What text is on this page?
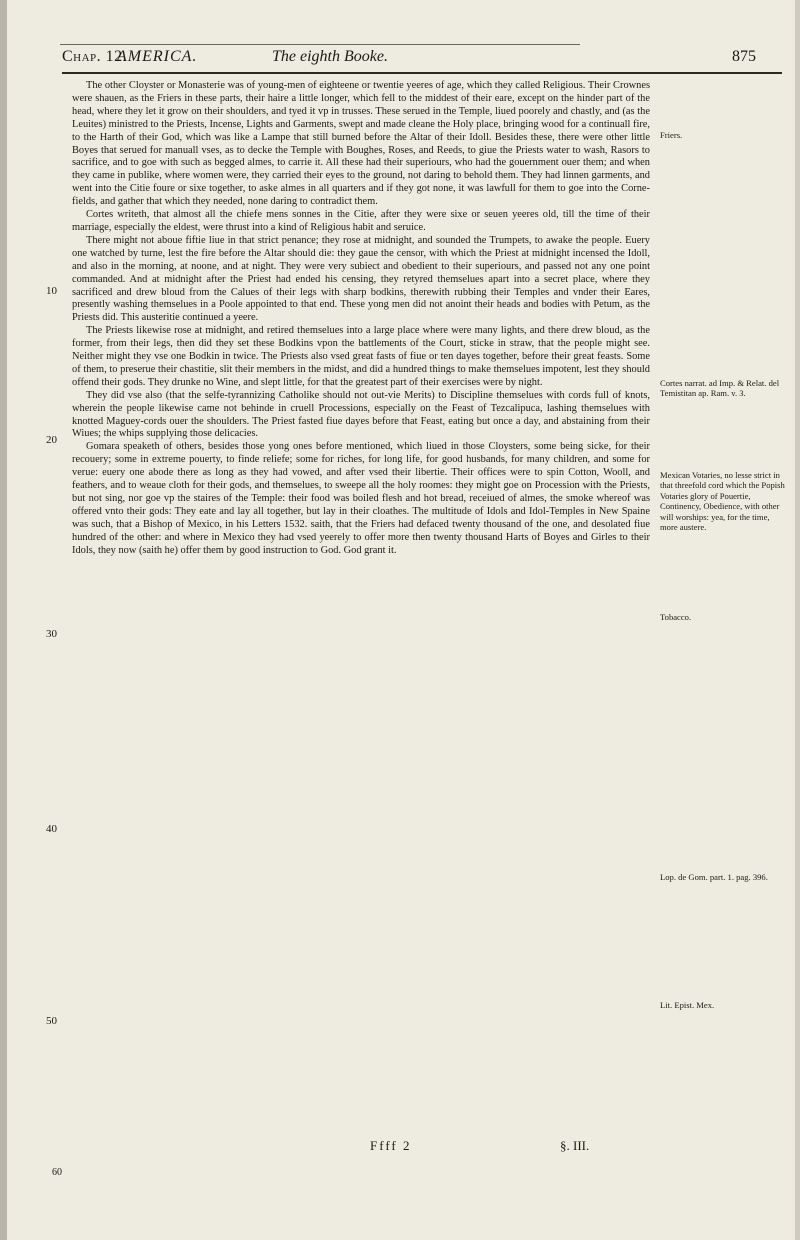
Chap. 12.
AMERICA.	The eighth Booke.	875
10
20
30
40
50

The other Cloyster or Monasterie was of young-men of eighteene or twentie yeeres of age, which they called Religious. Their Crownes were shauen, as the Friers in these parts, their haire a little longer, which fell to the middest of their eare, except on the hinder part of the head, where they let it grow on their shoulders, and tyed it vp in trusses. These serued in the Temple, liued poorely and chastly, and (as the Leuites) ministred to the Priests, Incense, Lights and Garments, swept and made cleane the Holy place, bringing wood for a continuall fire, to the Harth of their God, which was like a Lampe that still burned before the Altar of their Idoll. Besides these, there were other little Boyes that serued for manuall vses, as to decke the Temple with Boughes, Roses, and Reeds, to giue the Priests water to wash, Rasors to sacrifice, and to goe with such as begged almes, to carrie it. All these had their superiours, who had the gouernment ouer them; and when they came in publike, where women were, they carried their eyes to the ground, not daring to behold them. They had linnen garments, and went into the Citie foure or sixe together, to aske almes in all quarters and if they got none, it was lawfull for them to goe into the Corne-fields, and gather that which they needed, none daring to contradict them.

Cortes writeth, that almost all the chiefe mens sonnes in the Citie, after they were sixe or seuen yeeres old, till the time of their marriage, especially the eldest, were thrust into a kind of Religious habit and seruice.

There might not aboue fiftie liue in that strict penance; they rose at midnight, and sounded the Trumpets, to awake the people. Euery one watched by turne, lest the fire before the Altar should die: they gaue the censor, with which the Priest at midnight incensed the Idoll, and also in the morning, at noone, and at night. They were very subiect and obedient to their superiours, and passed not any one point commanded. And at midnight after the Priest had ended his censing, they retyred themselues apart into a secret place, where they sacrificed and drew bloud from the Calues of their legs with sharp bodkins, therewith rubbing their Temples and vnder their Eares, presently washing themselues in a Poole appointed to that end. These yong men did not anoint their heads and bodies with Petum, as the Priests did. This austeritie continued a yeere.

The Priests likewise rose at midnight, and retired themselues into a large place where were many lights, and there drew bloud, as the former, from their legs, then did they set these Bodkins vpon the battlements of the Court, sticke in straw, that the people might see. Neither might they vse one Bodkin in twice. The Priests also vsed great fasts of fiue or ten dayes together, before their great feasts. Some of them, to preserue their chastitie, slit their members in the midst, and did a hundred things to make themselues impotent, lest they should offend their gods. They drunke no Wine, and slept little, for that the greatest part of their exercises were by night.

They did vse also (that the selfe-tyrannizing Catholike should not out-vie Merits) to Discipline themselues with cords full of knots, wherein the people likewise came not behinde in cruell Processions, especially on the Feast of Tezcalipuca, lashing themselues with knotted Maguey-cords ouer the shoulders. The Priest fasted fiue dayes before that Feast, eating but once a day, and abstaining from their Wiues; the whips supplying those delicacies.

Gomara speaketh of others, besides those yong ones before mentioned, which liued in those Cloysters, some being sicke, for their recouery; some in extreme pouerty, to finde reliefe; some for riches, for long life, for good husbands, for many children, and some for verue: euery one abode there as long as they had vowed, and after vsed their libertie. Their offices were to spin Cotton, Wooll, and feathers, and to weaue cloth for their gods, and themselues, to sweepe all the holy roomes: they might goe on Procession with the Priests, but not sing, nor goe vp the staires of the Temple: their food was boiled flesh and hot bread, receiued of almes, the smoke whereof was offered vnto their gods: They eate and lay all together, but lay in their cloathes. The multitude of Idols and Idol-Temples in New Spaine was such, that a Bishop of Mexico, in his Letters 1532. saith, that the Friers had defaced twenty thousand of the one, and desolated fiue hundred of the other: and where in Mexico they had vsed yeerely to offer more then twenty thousand Harts of Boyes and Girles to their Idols, they now (saith he) offer them by good instruction to God. God grant it.

Friers.
Cortes narrat. ad Imp. & Relat. del Temistitan ap. Ram. v. 3.
Mexican Votaries, no lesse strict in that threefold cord which the Popish Votaries glory of Pouertie, Continency, Obedience, with other will worships: yea, for the time, more austere.
Tobacco.
Lop. de Gom. part. 1. pag. 396.
Lit. Epist. Mex.
Ffff 2	§. III.
60
